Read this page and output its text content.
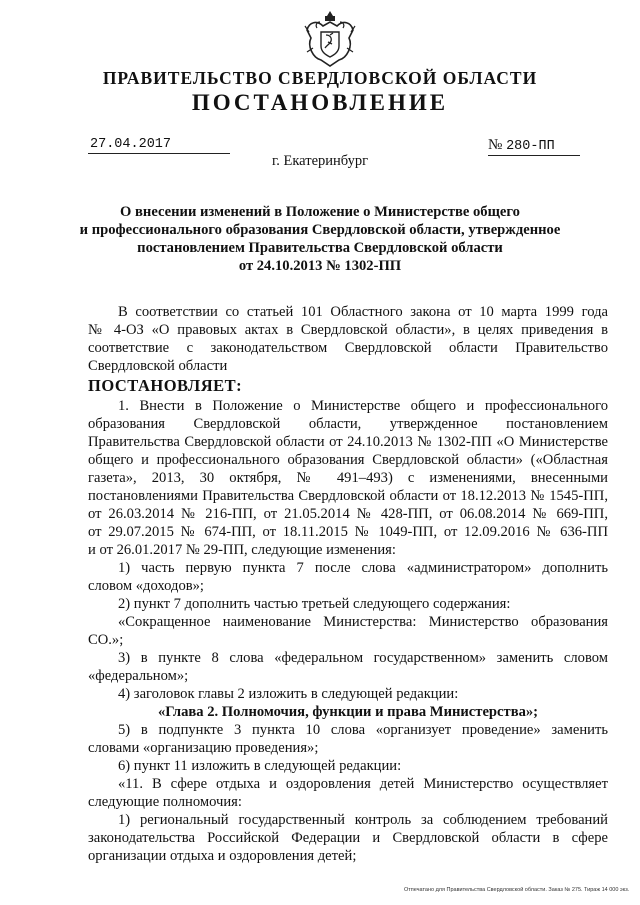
ПРАВИТЕЛЬСТВО СВЕРДЛОВСКОЙ ОБЛАСТИ
ПОСТАНОВЛЕНИЕ
27.04.2017	№ 280-ПП
г. Екатеринбург
О внесении изменений в Положение о Министерстве общего
и профессионального образования Свердловской области, утвержденное
постановлением Правительства Свердловской области
от 24.10.2013 № 1302-ПП
В соответствии со статьей 101 Областного закона от 10 марта 1999 года
№ 4-ОЗ «О правовых актах в Свердловской области», в целях приведения в
соответствие с законодательством Свердловской области Правительство
Свердловской области
ПОСТАНОВЛЯЕТ:
1. Внести в Положение о Министерстве общего и профессионального
образования Свердловской области, утвержденное постановлением
Правительства Свердловской области от 24.10.2013 № 1302-ПП «О Министерстве
общего и профессионального образования Свердловской области» («Областная
газета», 2013, 30 октября, № 491–493) с изменениями, внесенными
постановлениями Правительства Свердловской области от 18.12.2013 № 1545-ПП,
от 26.03.2014 № 216-ПП, от 21.05.2014 № 428-ПП, от 06.08.2014 № 669-ПП,
от 29.07.2015 № 674-ПП, от 18.11.2015 № 1049-ПП, от 12.09.2016 № 636-ПП
и от 26.01.2017 № 29-ПП, следующие изменения:
1) часть первую пункта 7 после слова «администратором» дополнить
словом «доходов»;
2) пункт 7 дополнить частью третьей следующего содержания:
«Сокращенное наименование Министерства: Министерство образования
СО.»;
3) в пункте 8 слова «федеральном государственном» заменить словом
«федеральном»;
4) заголовок главы 2 изложить в следующей редакции:
«Глава 2. Полномочия, функции и права Министерства»;
5) в подпункте 3 пункта 10 слова «организует проведение» заменить
словами «организацию проведения»;
6) пункт 11 изложить в следующей редакции:
«11. В сфере отдыха и оздоровления детей Министерство осуществляет
следующие полномочия:
1) региональный государственный контроль за соблюдением требований
законодательства Российской Федерации и Свердловской области в сфере
организации отдыха и оздоровления детей;
Отпечатано для Правительства Свердловской области. Заказ № 275. Тираж 14 000 экз.
